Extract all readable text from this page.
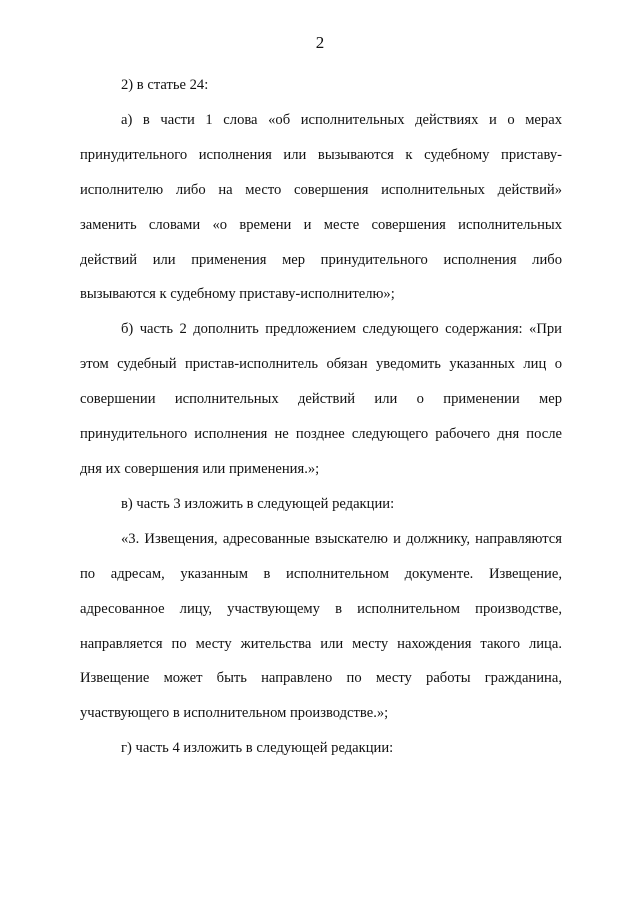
2

2) в статье 24:

а) в части 1 слова «об исполнительных действиях и о мерах принудительного исполнения или вызываются к судебному приставу-исполнителю либо на место совершения исполнительных действий» заменить словами «о времени и месте совершения исполнительных действий или применения мер принудительного исполнения либо вызываются к судебному приставу-исполнителю»;

б) часть 2 дополнить предложением следующего содержания: «При этом судебный пристав-исполнитель обязан уведомить указанных лиц о совершении исполнительных действий или о применении мер принудительного исполнения не позднее следующего рабочего дня после дня их совершения или применения.»;

в) часть 3 изложить в следующей редакции:

«3. Извещения, адресованные взыскателю и должнику, направляются по адресам, указанным в исполнительном документе. Извещение, адресованное лицу, участвующему в исполнительном производстве, направляется по месту жительства или месту нахождения такого лица. Извещение может быть направлено по месту работы гражданина, участвующего в исполнительном производстве.»;

г) часть 4 изложить в следующей редакции:
